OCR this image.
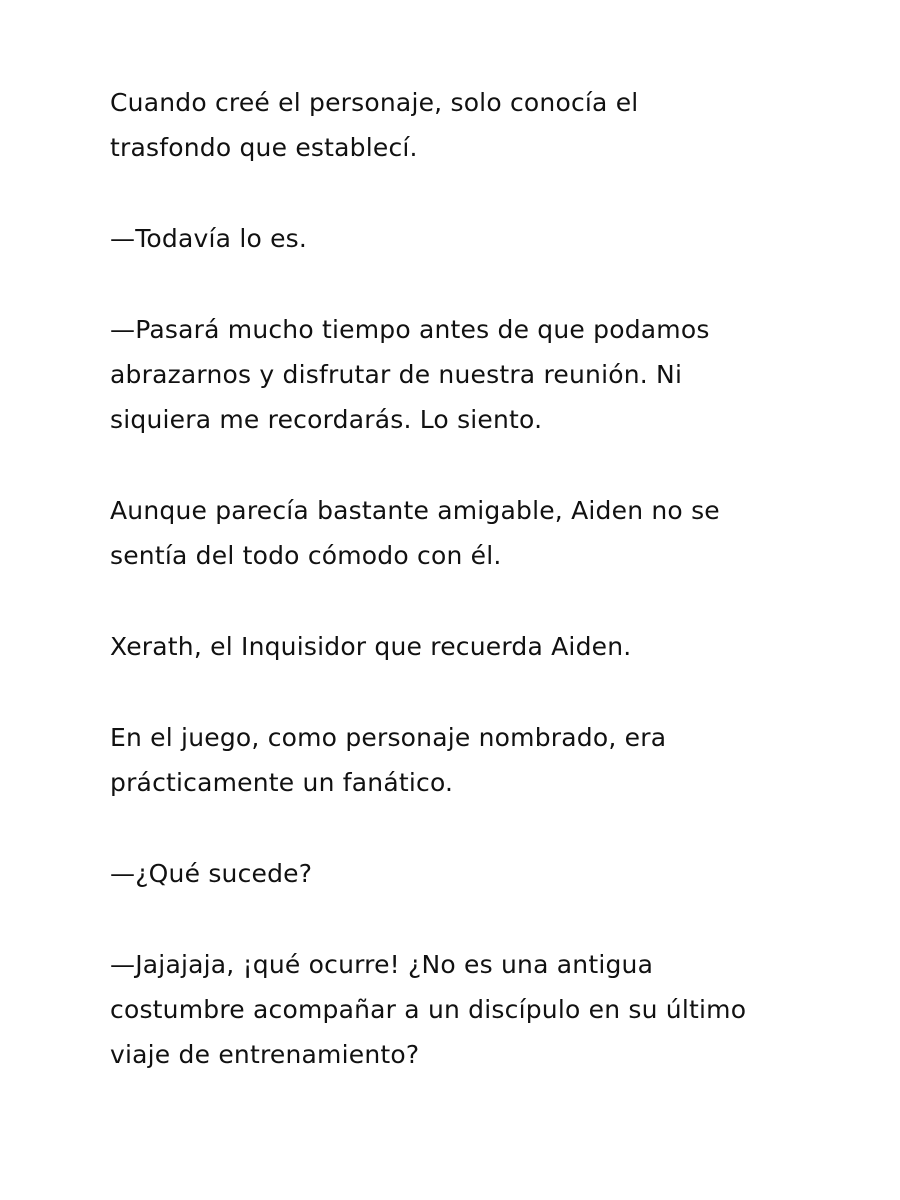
Cuando creé el personaje, solo conocía el
trasfondo que establecí.

—Todavía lo es.

—Pasará mucho tiempo antes de que podamos
abrazarnos y disfrutar de nuestra reunión. Ni
siquiera me recordarás. Lo siento.

Aunque parecía bastante amigable, Aiden no se
sentía del todo cómodo con él.

Xerath, el Inquisidor que recuerda Aiden.

En el juego, como personaje nombrado, era
prácticamente un fanático.

—¿Qué sucede?

—Jajajaja, ¡qué ocurre! ¿No es una antigua
costumbre acompañar a un discípulo en su último
viaje de entrenamiento?
